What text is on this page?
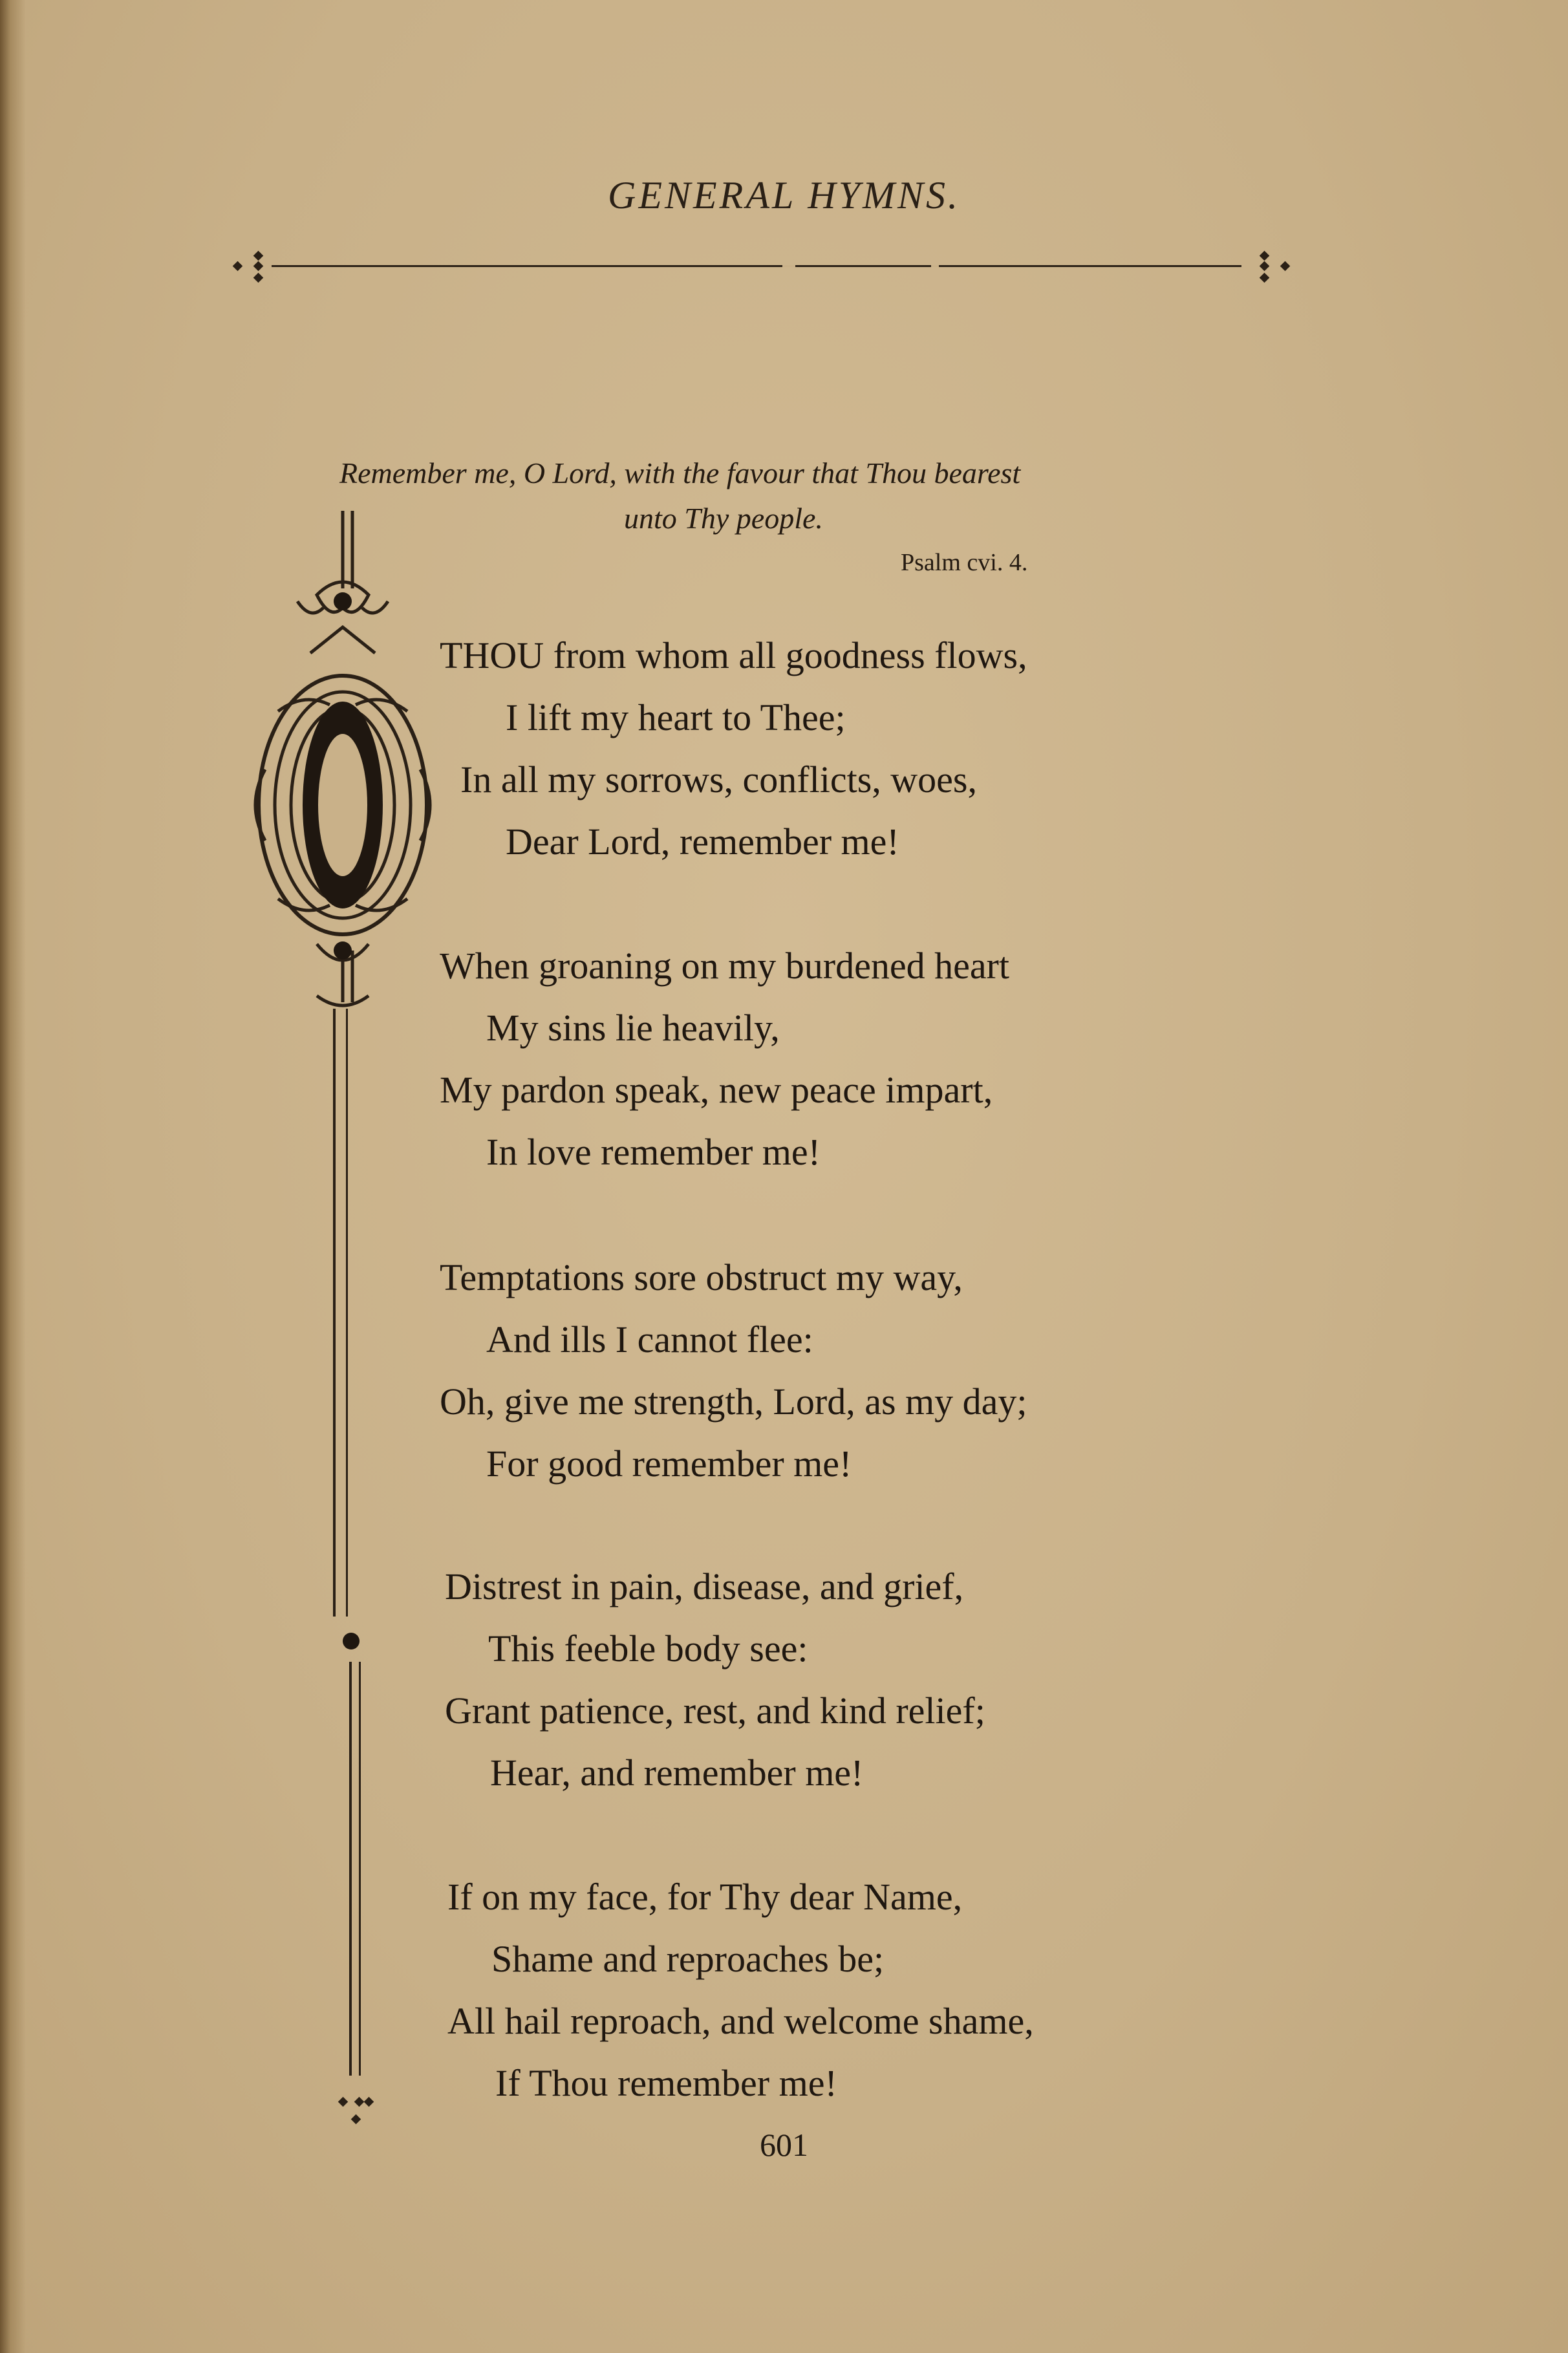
GENERAL HYMNS.
Remember me, O Lord, with the favour that Thou bearest
unto Thy people.
Psalm cvi. 4.
THOU from whom all goodness flows,
I lift my heart to Thee;
In all my sorrows, conflicts, woes,
Dear Lord, remember me!
When groaning on my burdened heart
My sins lie heavily,
My pardon speak, new peace impart,
In love remember me!
Temptations sore obstruct my way,
And ills I cannot flee:
Oh, give me strength, Lord, as my day;
For good remember me!
Distrest in pain, disease, and grief,
This feeble body see:
Grant patience, rest, and kind relief;
Hear, and remember me!
If on my face, for Thy dear Name,
Shame and reproaches be;
All hail reproach, and welcome shame,
If Thou remember me!
601
